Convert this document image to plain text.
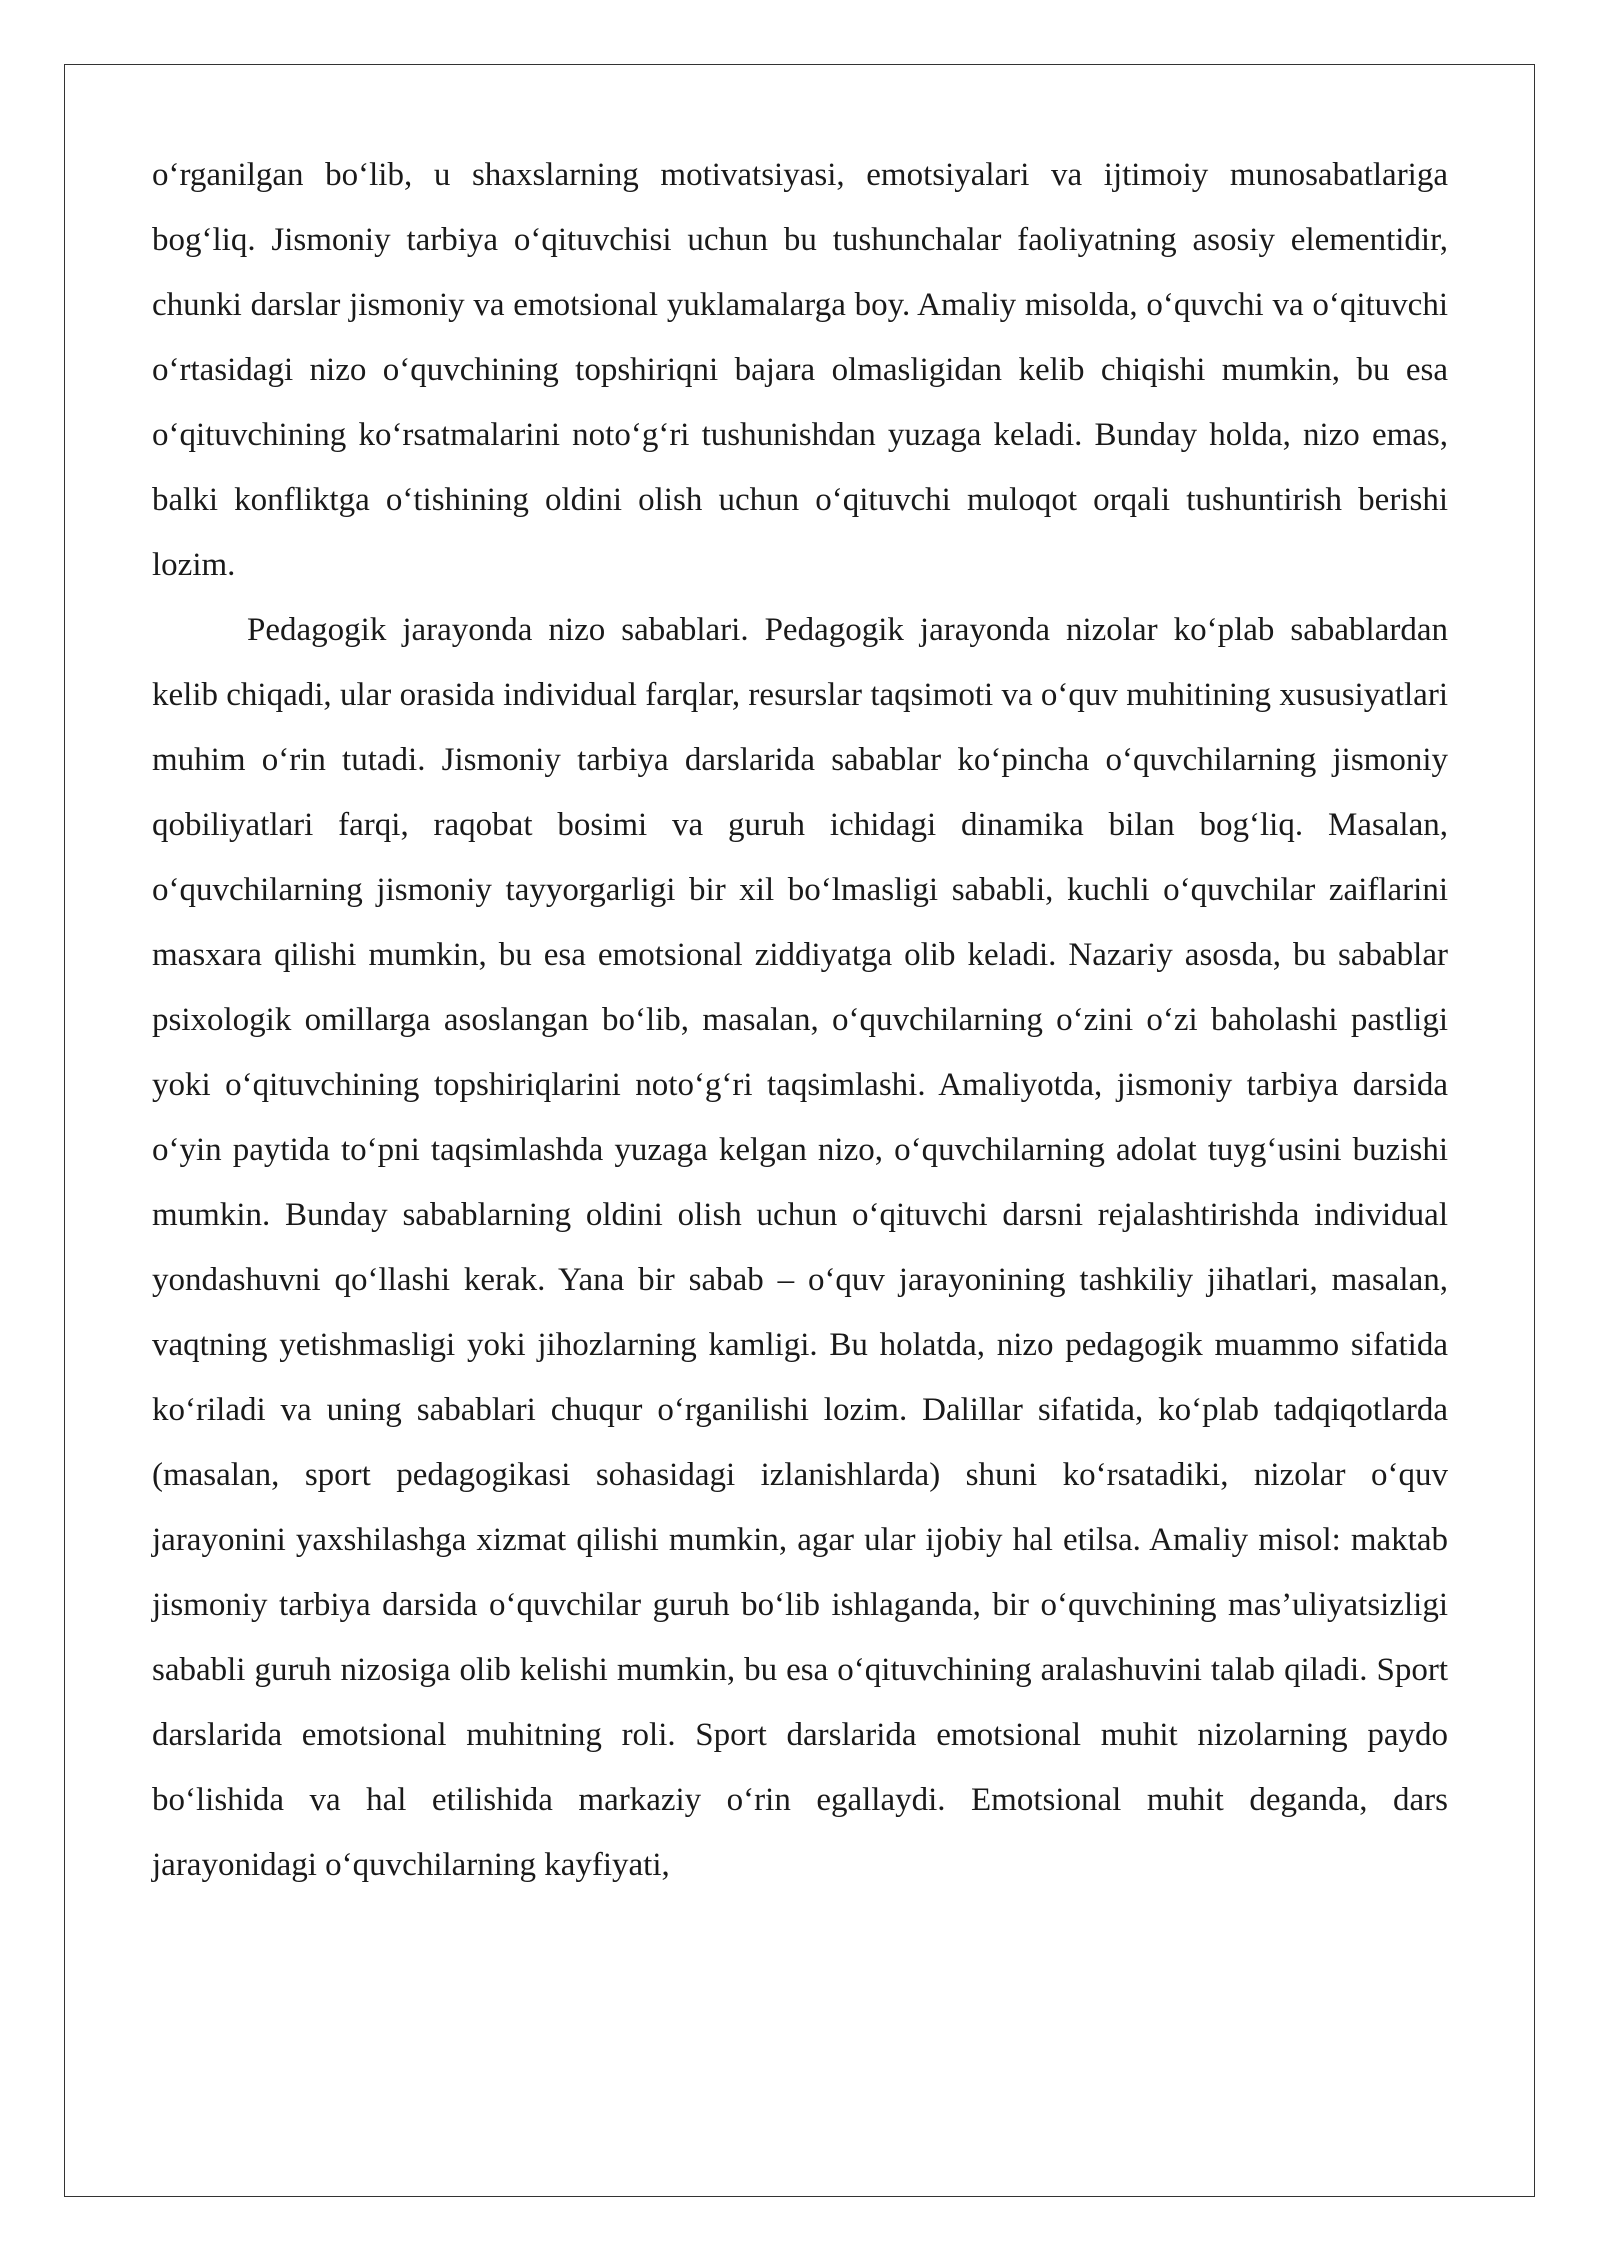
o‘rganilgan bo‘lib, u shaxslarning motivatsiyasi, emotsiyalari va ijtimoiy munosabatlariga bog‘liq. Jismoniy tarbiya o‘qituvchisi uchun bu tushunchalar faoliyatning asosiy elementidir, chunki darslar jismoniy va emotsional yuklamalarga boy. Amaliy misolda, o‘quvchi va o‘qituvchi o‘rtasidagi nizo o‘quvchining topshiriqni bajara olmasligidan kelib chiqishi mumkin, bu esa o‘qituvchining ko‘rsatmalarini noto‘g‘ri tushunishdan yuzaga keladi. Bunday holda, nizo emas, balki konfliktga o‘tishining oldini olish uchun o‘qituvchi muloqot orqali tushuntirish berishi lozim.

Pedagogik jarayonda nizo sabablari. Pedagogik jarayonda nizolar ko‘plab sabablardan kelib chiqadi, ular orasida individual farqlar, resurslar taqsimoti va o‘quv muhitining xususiyatlari muhim o‘rin tutadi. Jismoniy tarbiya darslarida sabablar ko‘pincha o‘quvchilarning jismoniy qobiliyatlari farqi, raqobat bosimi va guruh ichidagi dinamika bilan bog‘liq. Masalan, o‘quvchilarning jismoniy tayyorgarligi bir xil bo‘lmasligi sababli, kuchli o‘quvchilar zaiflarini masxara qilishi mumkin, bu esa emotsional ziddiyatga olib keladi. Nazariy asosda, bu sabablar psixologik omillarga asoslangan bo‘lib, masalan, o‘quvchilarning o‘zini o‘zi baholashi pastligi yoki o‘qituvchining topshiriqlarini noto‘g‘ri taqsimlashi. Amaliyotda, jismoniy tarbiya darsida o‘yin paytida to‘pni taqsimlashda yuzaga kelgan nizo, o‘quvchilarning adolat tuyg‘usini buzishi mumkin. Bunday sabablarning oldini olish uchun o‘qituvchi darsni rejalashtirishda individual yondashuvni qo‘llashi kerak. Yana bir sabab – o‘quv jarayonining tashkiliy jihatlari, masalan, vaqtning yetishmasligi yoki jihozlarning kamligi. Bu holatda, nizo pedagogik muammo sifatida ko‘riladi va uning sabablari chuqur o‘rganilishi lozim. Dalillar sifatida, ko‘plab tadqiqotlarda (masalan, sport pedagogikasi sohasidagi izlanishlarda) shuni ko‘rsatadiki, nizolar o‘quv jarayonini yaxshilashga xizmat qilishi mumkin, agar ular ijobiy hal etilsa. Amaliy misol: maktab jismoniy tarbiya darsida o‘quvchilar guruh bo‘lib ishlaganda, bir o‘quvchining mas’uliyatsizligi sababli guruh nizosiga olib kelishi mumkin, bu esa o‘qituvchining aralashuvini talab qiladi. Sport darslarida emotsional muhitning roli. Sport darslarida emotsional muhit nizolarning paydo bo‘lishida va hal etilishida markaziy o‘rin egallaydi. Emotsional muhit deganda, dars jarayonidagi o‘quvchilarning kayfiyati,
